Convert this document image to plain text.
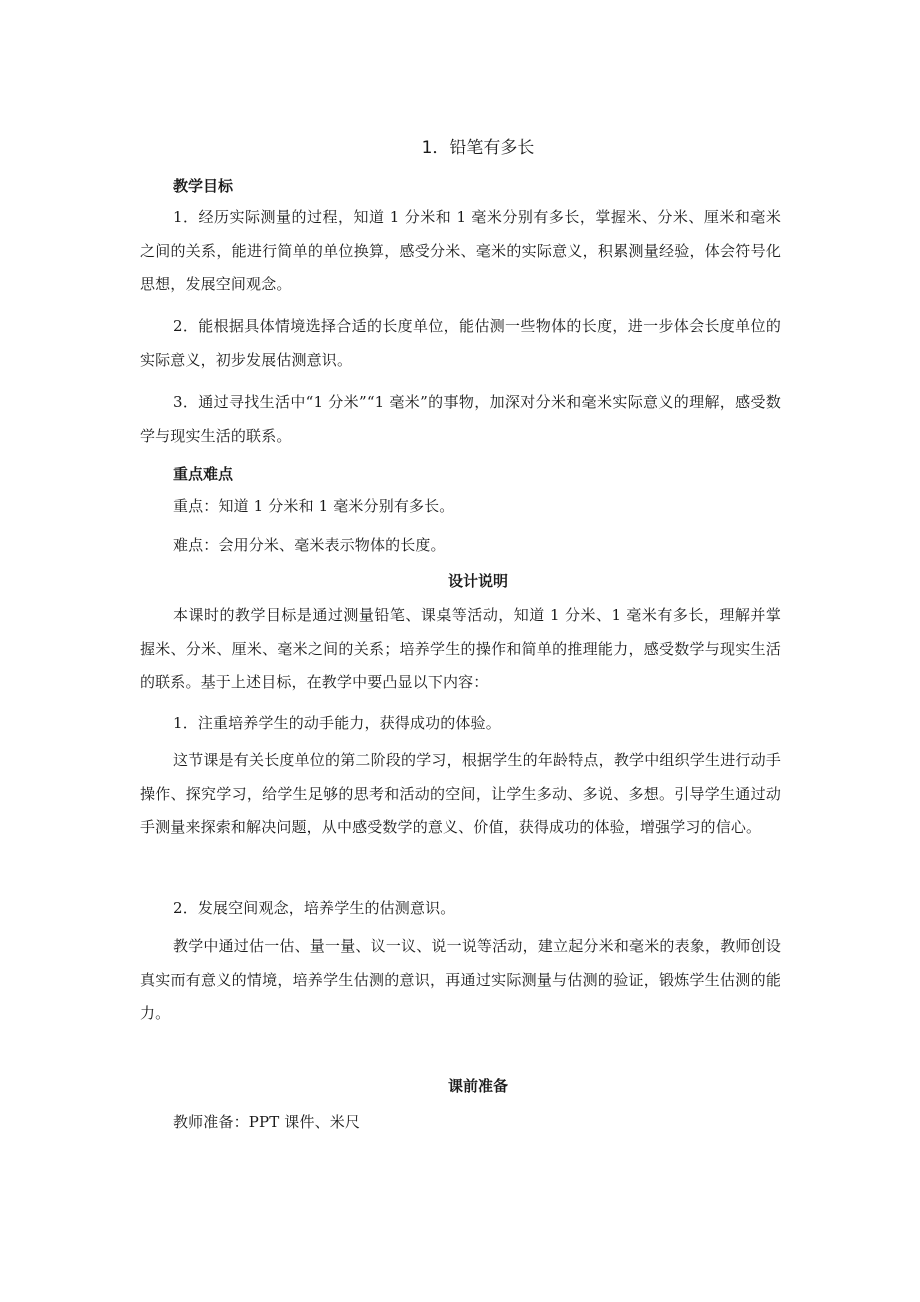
1．铅笔有多长
教学目标
1．经历实际测量的过程，知道 1 分米和 1 毫米分别有多长，掌握米、分米、厘米和毫米之间的关系，能进行简单的单位换算，感受分米、毫米的实际意义，积累测量经验，体会符号化思想，发展空间观念。
2．能根据具体情境选择合适的长度单位，能估测一些物体的长度，进一步体会长度单位的实际意义，初步发展估测意识。
3．通过寻找生活中“1 分米”“1 毫米”的事物，加深对分米和毫米实际意义的理解，感受数学与现实生活的联系。
重点难点
重点：知道 1 分米和 1 毫米分别有多长。
难点：会用分米、毫米表示物体的长度。
设计说明
本课时的教学目标是通过测量铅笔、课桌等活动，知道 1 分米、1 毫米有多长，理解并掌握米、分米、厘米、毫米之间的关系；培养学生的操作和简单的推理能力，感受数学与现实生活的联系。基于上述目标，在教学中要凸显以下内容：
1．注重培养学生的动手能力，获得成功的体验。
这节课是有关长度单位的第二阶段的学习，根据学生的年龄特点，教学中组织学生进行动手操作、探究学习，给学生足够的思考和活动的空间，让学生多动、多说、多想。引导学生通过动手测量来探索和解决问题，从中感受数学的意义、价值，获得成功的体验，增强学习的信心。
2．发展空间观念，培养学生的估测意识。
教学中通过估一估、量一量、议一议、说一说等活动，建立起分米和毫米的表象，教师创设真实而有意义的情境，培养学生估测的意识，再通过实际测量与估测的验证，锻炼学生估测的能力。
课前准备
教师准备：PPT 课件、米尺
